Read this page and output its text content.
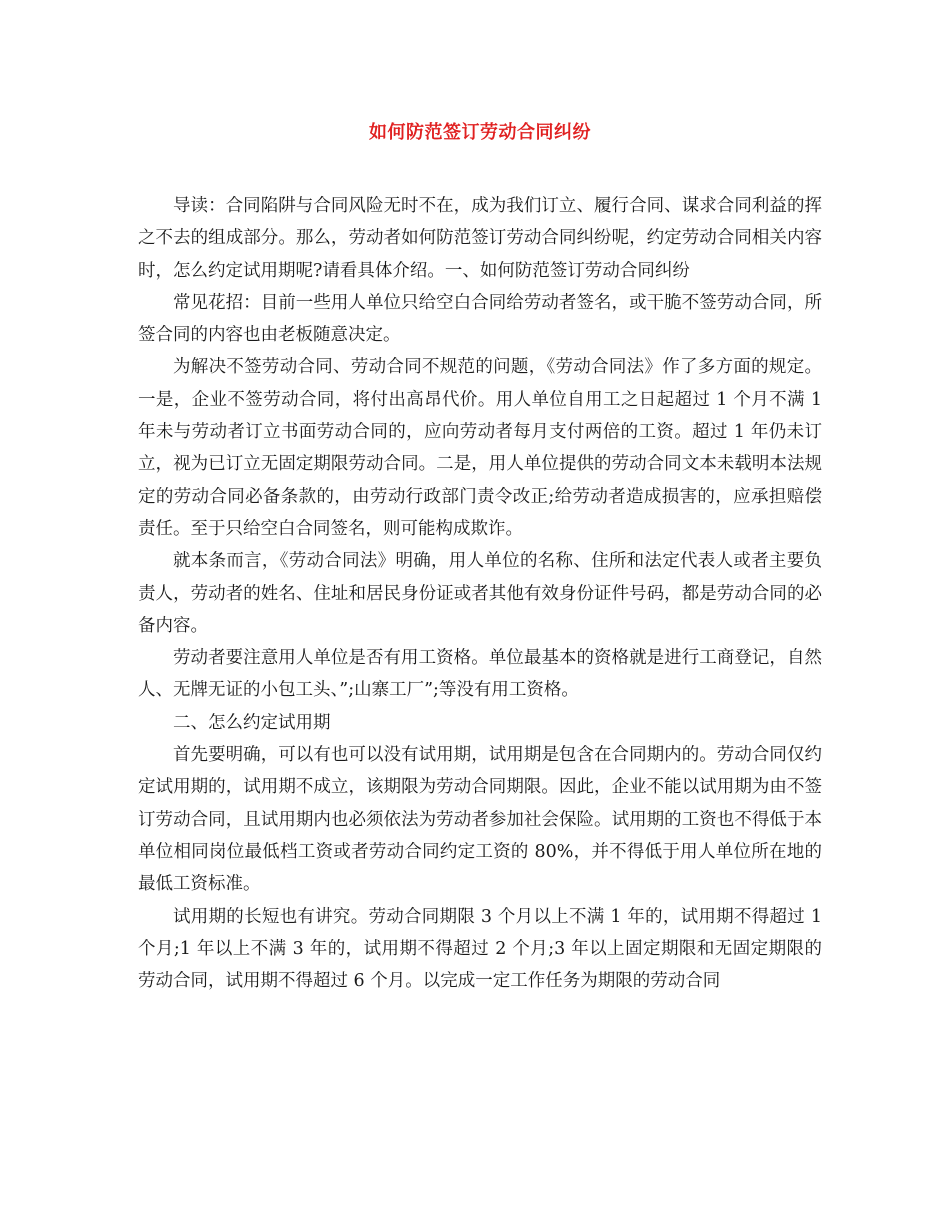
如何防范签订劳动合同纠纷

导读：合同陷阱与合同风险无时不在，成为我们订立、履行合同、谋求合同利益的挥之不去的组成部分。那么，劳动者如何防范签订劳动合同纠纷呢，约定劳动合同相关内容时，怎么约定试用期呢?请看具体介绍。一、如何防范签订劳动合同纠纷

常见花招：目前一些用人单位只给空白合同给劳动者签名，或干脆不签劳动合同，所签合同的内容也由老板随意决定。

为解决不签劳动合同、劳动合同不规范的问题，《劳动合同法》作了多方面的规定。一是，企业不签劳动合同，将付出高昂代价。用人单位自用工之日起超过 1 个月不满 1 年未与劳动者订立书面劳动合同的，应向劳动者每月支付两倍的工资。超过 1 年仍未订立，视为已订立无固定期限劳动合同。二是，用人单位提供的劳动合同文本未载明本法规定的劳动合同必备条款的，由劳动行政部门责令改正;给劳动者造成损害的，应承担赔偿责任。至于只给空白合同签名，则可能构成欺诈。

就本条而言，《劳动合同法》明确，用人单位的名称、住所和法定代表人或者主要负责人，劳动者的姓名、住址和居民身份证或者其他有效身份证件号码，都是劳动合同的必备内容。

劳动者要注意用人单位是否有用工资格。单位最基本的资格就是进行工商登记，自然人、无牌无证的小包工头、”;山寨工厂”;等没有用工资格。

二、怎么约定试用期

首先要明确，可以有也可以没有试用期，试用期是包含在合同期内的。劳动合同仅约定试用期的，试用期不成立，该期限为劳动合同期限。因此，企业不能以试用期为由不签订劳动合同，且试用期内也必须依法为劳动者参加社会保险。试用期的工资也不得低于本单位相同岗位最低档工资或者劳动合同约定工资的 80%，并不得低于用人单位所在地的最低工资标准。

试用期的长短也有讲究。劳动合同期限 3 个月以上不满 1 年的，试用期不得超过 1 个月;1 年以上不满 3 年的，试用期不得超过 2 个月;3 年以上固定期限和无固定期限的劳动合同，试用期不得超过 6 个月。以完成一定工作任务为期限的劳动合同
